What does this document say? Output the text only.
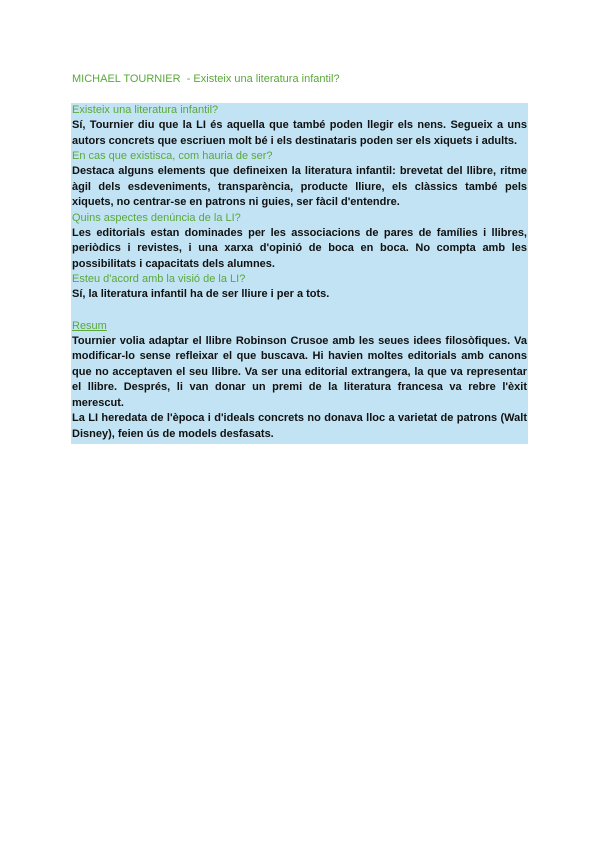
MICHAEL TOURNIER  - Existeix una literatura infantil?

Existeix una literatura infantil?

Sí, Tournier diu que la LI és aquella que també poden llegir els nens. Segueix a uns autors concrets que escriuen molt bé i els destinataris poden ser els xiquets i adults.

En cas que existisca, com hauria de ser?

Destaca alguns elements que defineixen la literatura infantil: brevetat del llibre, ritme àgil dels esdeveniments, transparència, producte lliure, els clàssics també pels xiquets, no centrar-se en patrons ni guies, ser fàcil d'entendre.

Quins aspectes denúncia de la LI?

Les editorials estan dominades per les associacions de pares de famílies i llibres, periòdics i revistes, i una xarxa d'opinió de boca en boca. No compta amb les possibilitats i capacitats dels alumnes.

Esteu d'acord amb la visió de la LI?

Sí, la literatura infantil ha de ser lliure i per a tots.

Resum

Tournier volia adaptar el llibre Robinson Crusoe amb les seues idees filosòfiques. Va modificar-lo sense refleixar el que buscava. Hi havien moltes editorials amb canons que no acceptaven el seu llibre. Va ser una editorial extrangera, la que va representar el llibre. Després, li van donar un premi de la literatura francesa va rebre l'èxit merescut.

La LI heredata de l'època i d'ideals concrets no donava lloc a varietat de patrons (Walt Disney), feien ús de models desfasats.
